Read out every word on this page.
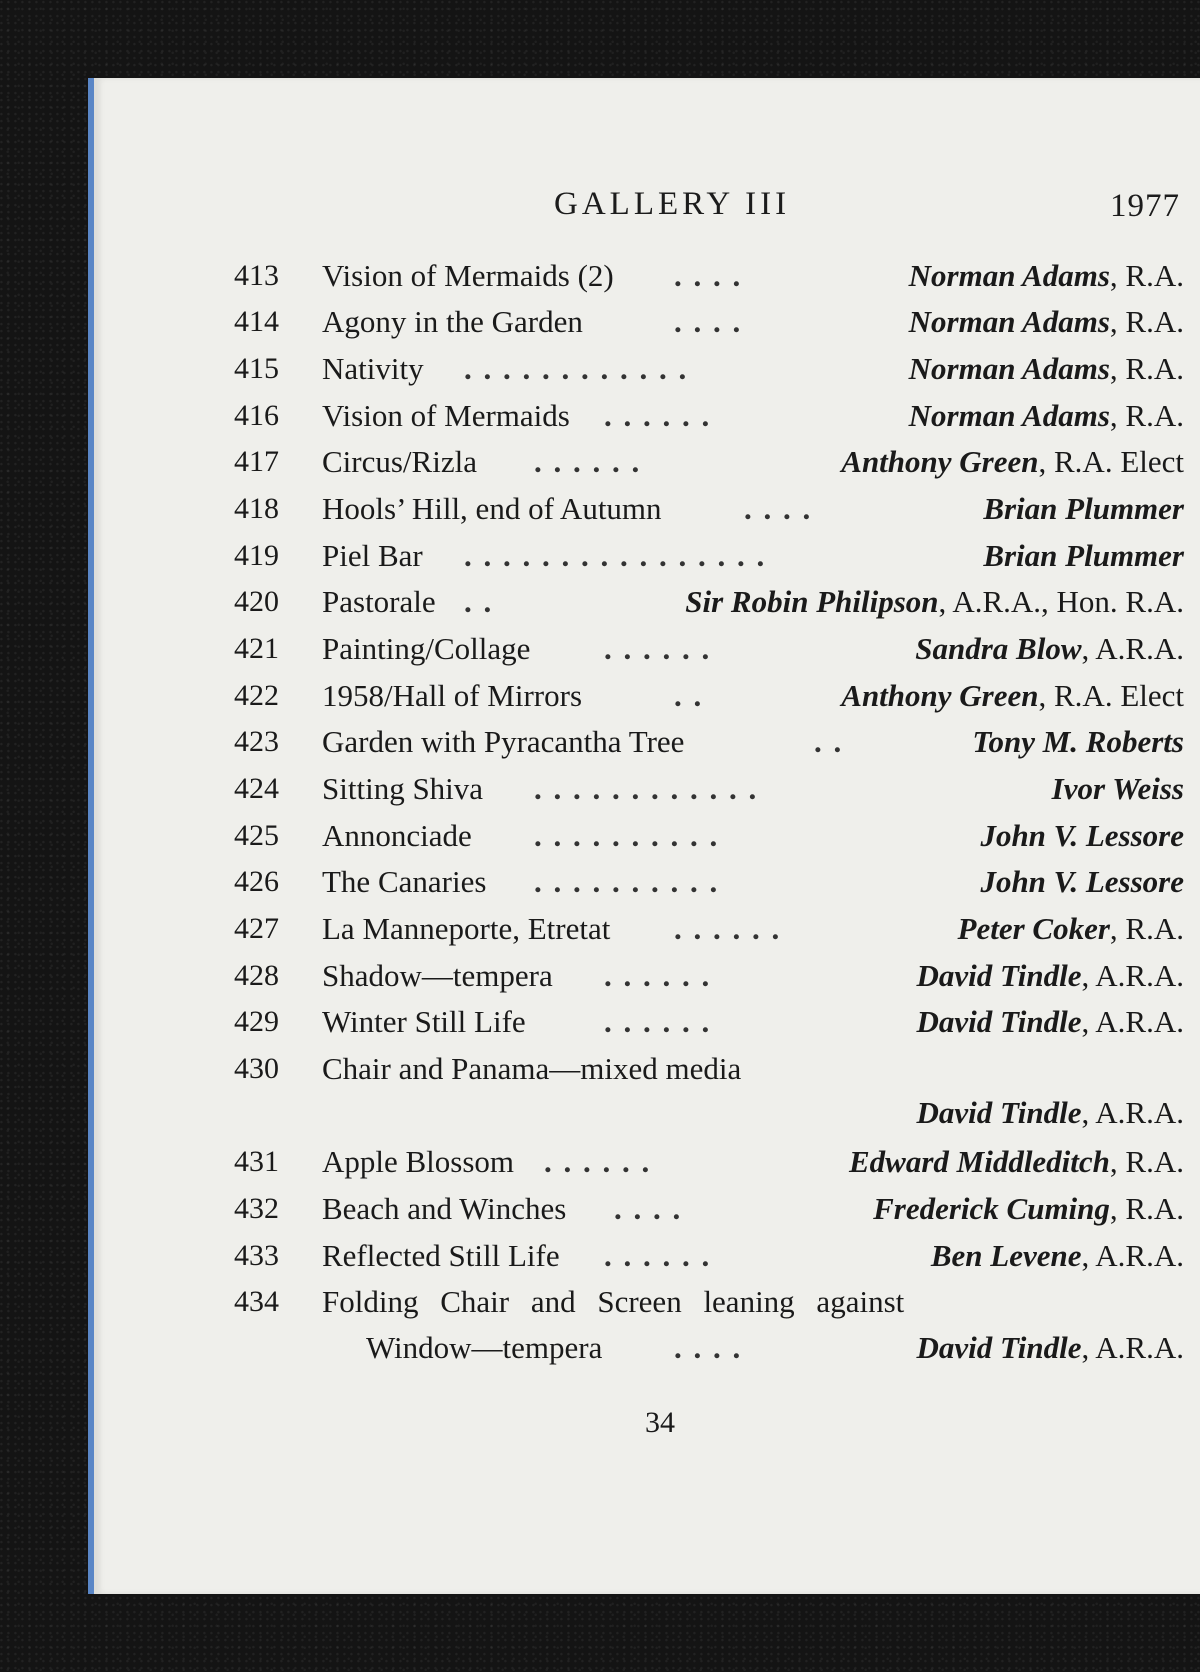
GALLERY III	1977
413	Vision of Mermaids (2) . . . .	Norman Adams, R.A.
414	Agony in the Garden	. . . .	Norman Adams, R.A.
415	Nativity . . . . . . . . . . . .	Norman Adams, R.A.
416	Vision of Mermaids . . . . . .	Norman Adams, R.A.
417	Circus/Rizla . . . . . .	Anthony Green, R.A. Elect
418	Hools’ Hill, end of Autumn	. . . .	Brian Plummer
419	Piel Bar . . . . . . . . . . . . . . . .	Brian Plummer
420	Pastorale . .	Sir Robin Philipson, A.R.A., Hon. R.A.
421	Painting/Collage . . . . . .	Sandra Blow, A.R.A.
422	1958/Hall of Mirrors	. .	Anthony Green, R.A. Elect
423	Garden with Pyracantha Tree	. .	Tony M. Roberts
424	Sitting Shiva . . . . . . . . . . . .	Ivor Weiss
425	Annonciade . . . . . . . . . .	John V. Lessore
426	The Canaries . . . . . . . . . .	John V. Lessore
427	La Manneporte, Etretat . . . . . .	Peter Coker, R.A.
428	Shadow—tempera . . . . . .	David Tindle, A.R.A.
429	Winter Still Life	. . . . . .	David Tindle, A.R.A.
430	Chair and Panama—mixed media
David Tindle, A.R.A.
431	Apple Blossom . . . . . .	Edward Middleditch, R.A.
432	Beach and Winches . . . .	Frederick Cuming, R.A.
433	Reflected Still Life . . . . . .	Ben Levene, A.R.A.
434	Folding Chair and Screen leaning against
Window—tempera . . . .	David Tindle, A.R.A.
34
